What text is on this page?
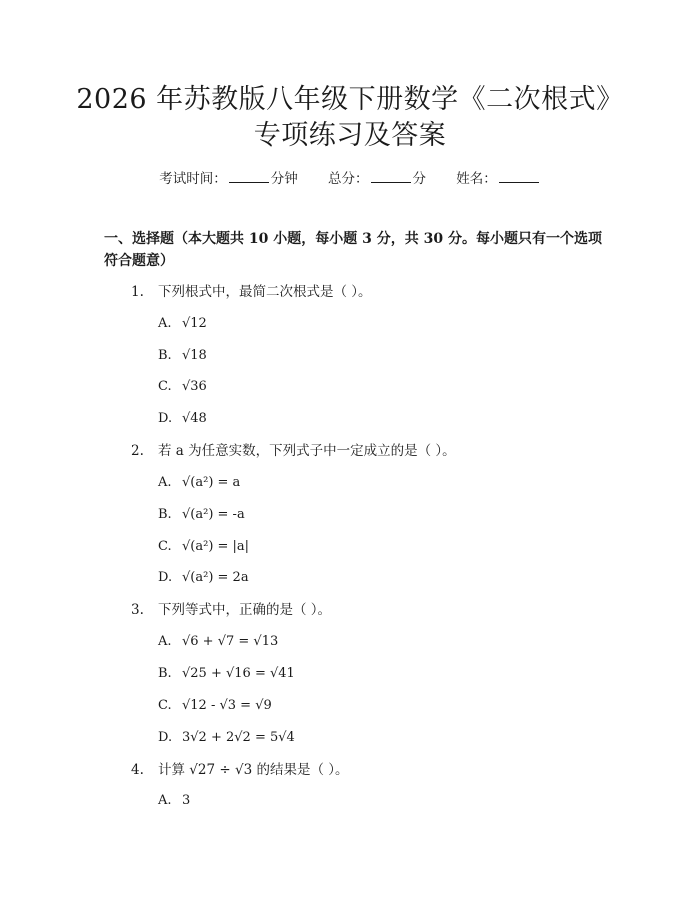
2026 年苏教版八年级下册数学《二次根式》
专项练习及答案
考试时间：	分钟 总分：	分 姓名：
一、选择题（本大题共 10 小题，每小题 3 分，共 30 分。每小题只有一个选项符合题意）
1. 下列根式中，最简二次根式是（ ）。
A. √12
B. √18
C. √36
D. √48
2. 若 a 为任意实数，下列式子中一定成立的是（ ）。
A. √(a²) = a
B. √(a²) = -a
C. √(a²) = |a|
D. √(a²) = 2a
3. 下列等式中，正确的是（ ）。
A. √6 + √7 = √13
B. √25 + √16 = √41
C. √12 - √3 = √9
D. 3√2 + 2√2 = 5√4
4. 计算 √27 ÷ √3 的结果是（ ）。
A. 3
